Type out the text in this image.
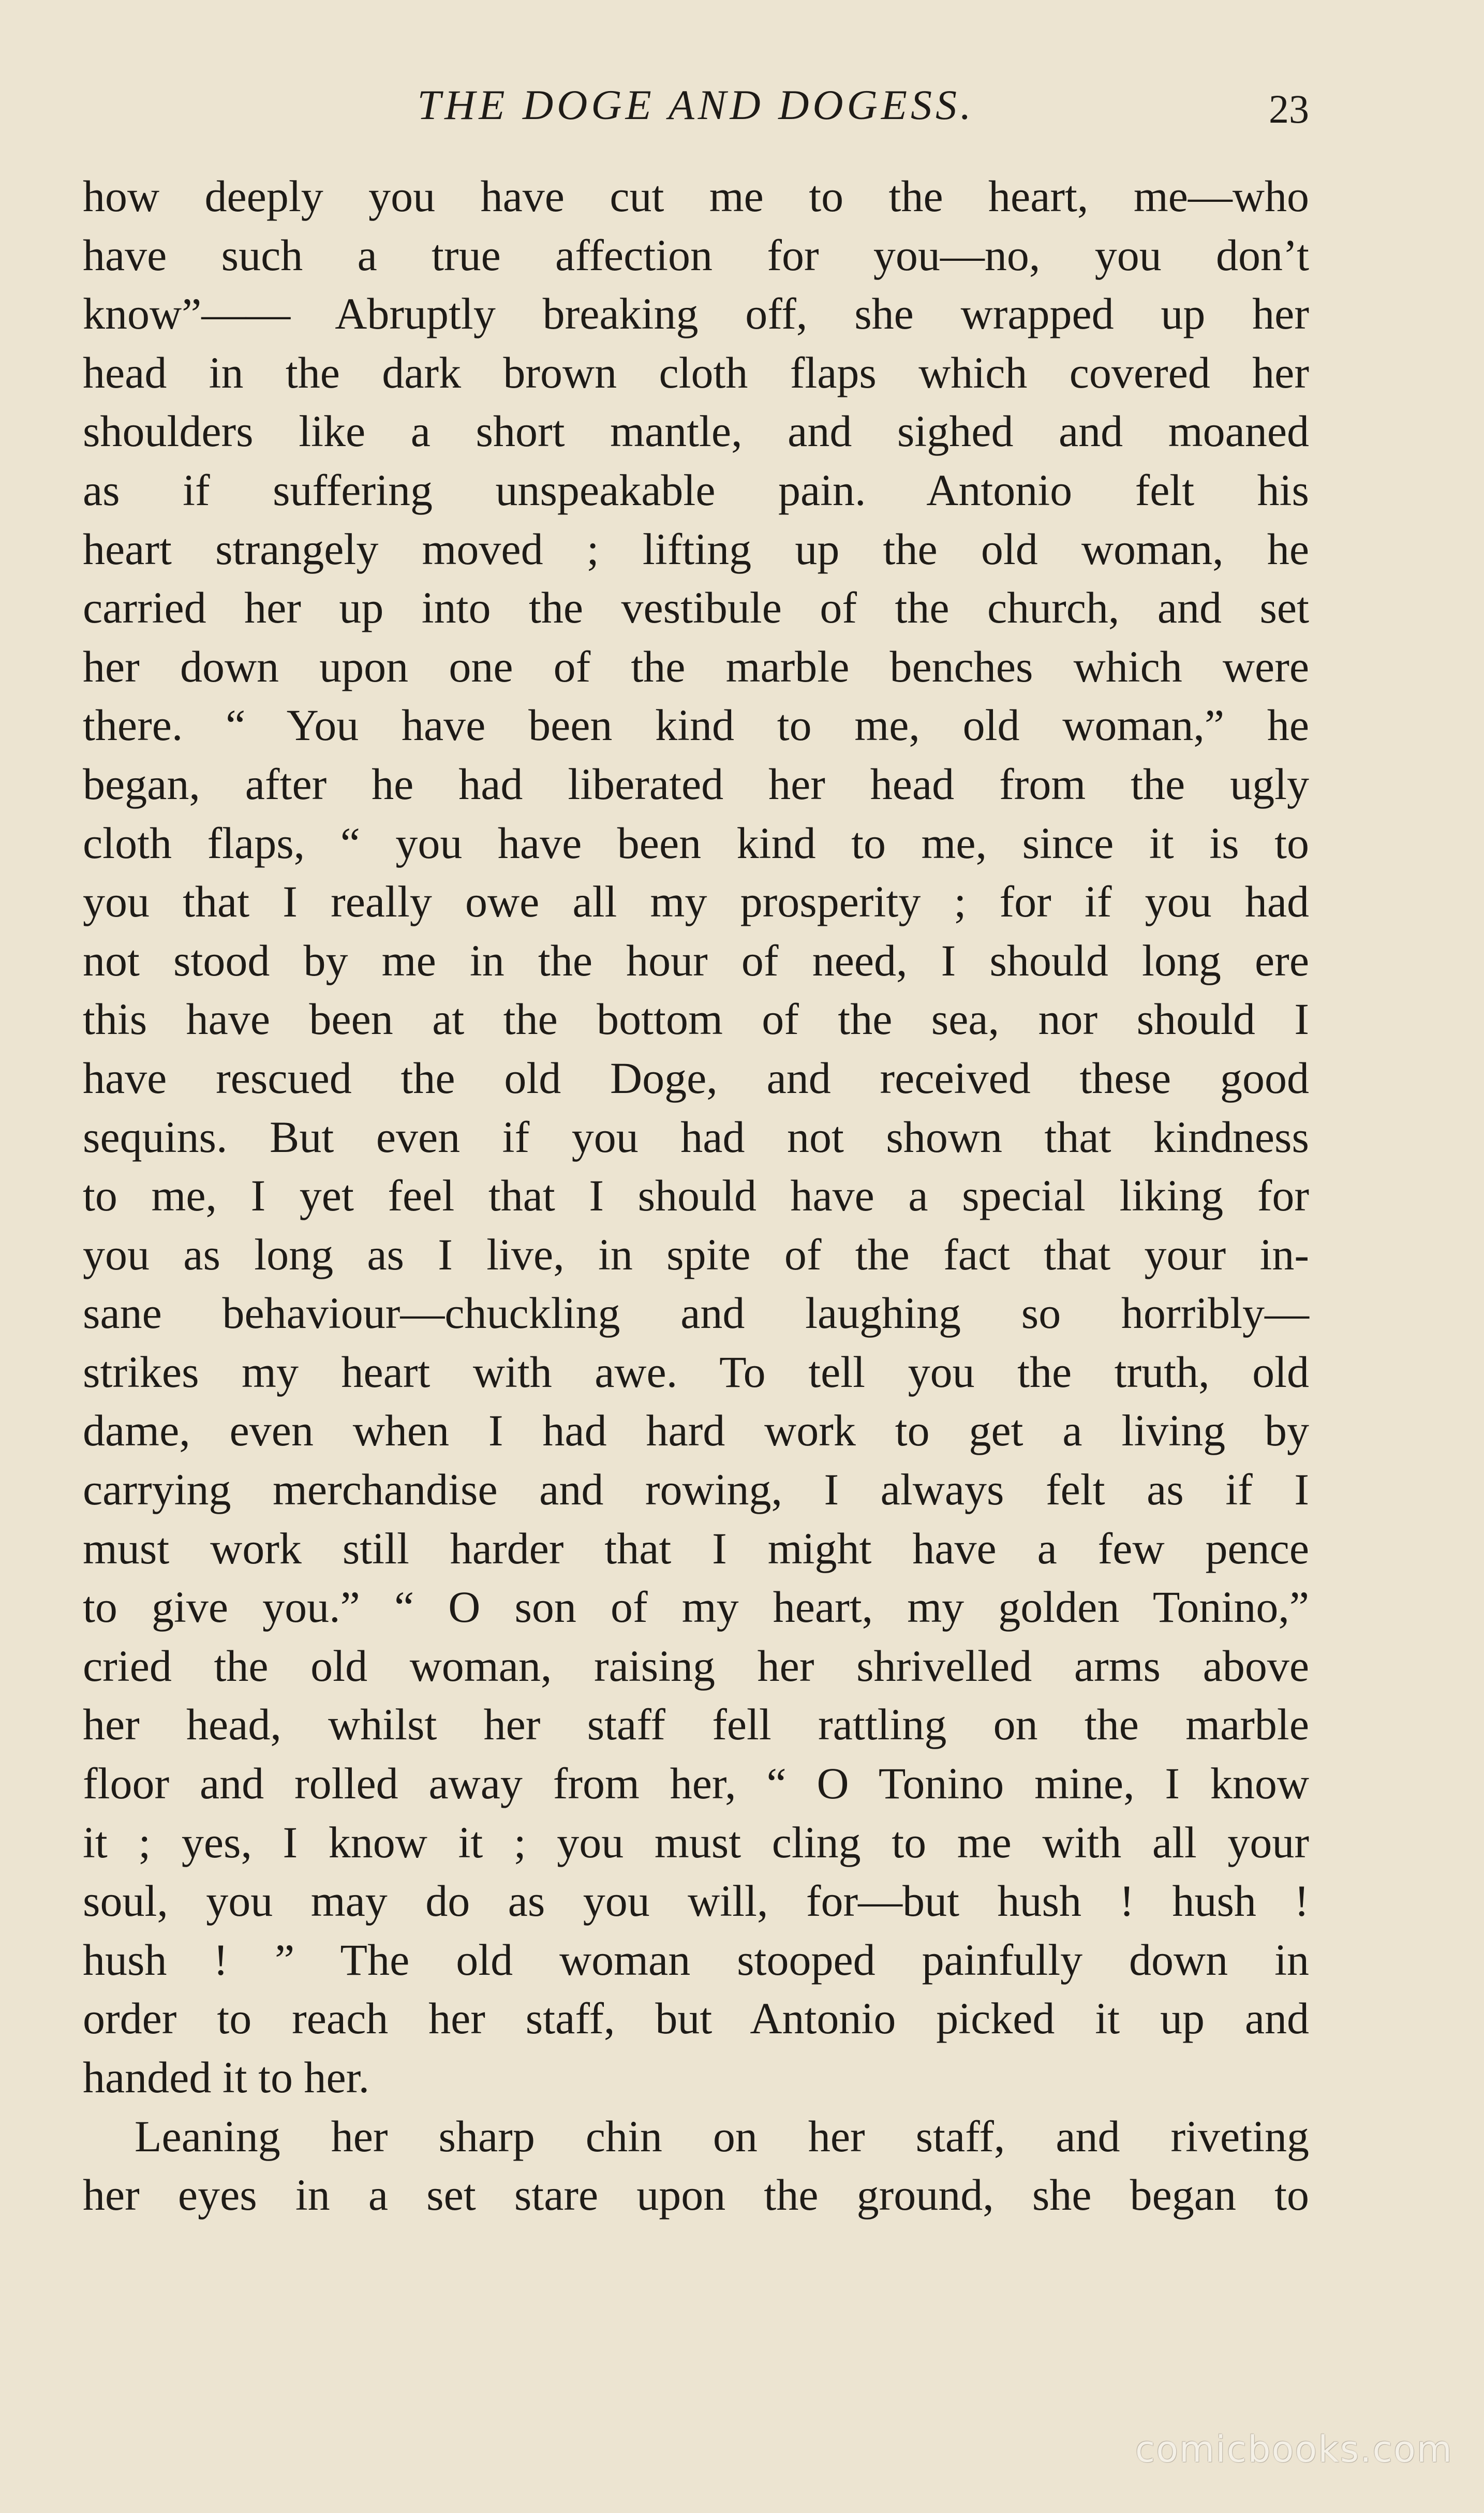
THE DOGE AND DOGESS.	23
how deeply you have cut me to the heart, me—who
have such a true affection for you—no, you don’t
know”—— Abruptly breaking off, she wrapped up her
head in the dark brown cloth flaps which covered her
shoulders like a short mantle, and sighed and moaned
as if suffering unspeakable pain. Antonio felt his
heart strangely moved ; lifting up the old woman, he
carried her up into the vestibule of the church, and set
her down upon one of the marble benches which were
there. “ You have been kind to me, old woman,” he
began, after he had liberated her head from the ugly
cloth flaps, “ you have been kind to me, since it is to
you that I really owe all my prosperity ; for if you had
not stood by me in the hour of need, I should long ere
this have been at the bottom of the sea, nor should I
have rescued the old Doge, and received these good
sequins. But even if you had not shown that kindness
to me, I yet feel that I should have a special liking for
you as long as I live, in spite of the fact that your in-
sane behaviour—chuckling and laughing so horribly—
strikes my heart with awe. To tell you the truth, old
dame, even when I had hard work to get a living by
carrying merchandise and rowing, I always felt as if I
must work still harder that I might have a few pence
to give you.” “ O son of my heart, my golden Tonino,”
cried the old woman, raising her shrivelled arms above
her head, whilst her staff fell rattling on the marble
floor and rolled away from her, “ O Tonino mine, I know
it ; yes, I know it ; you must cling to me with all your
soul, you may do as you will, for—but hush ! hush !
hush ! ” The old woman stooped painfully down in
order to reach her staff, but Antonio picked it up and
handed it to her.
Leaning her sharp chin on her staff, and riveting
her eyes in a set stare upon the ground, she began to
comicbooks.com
